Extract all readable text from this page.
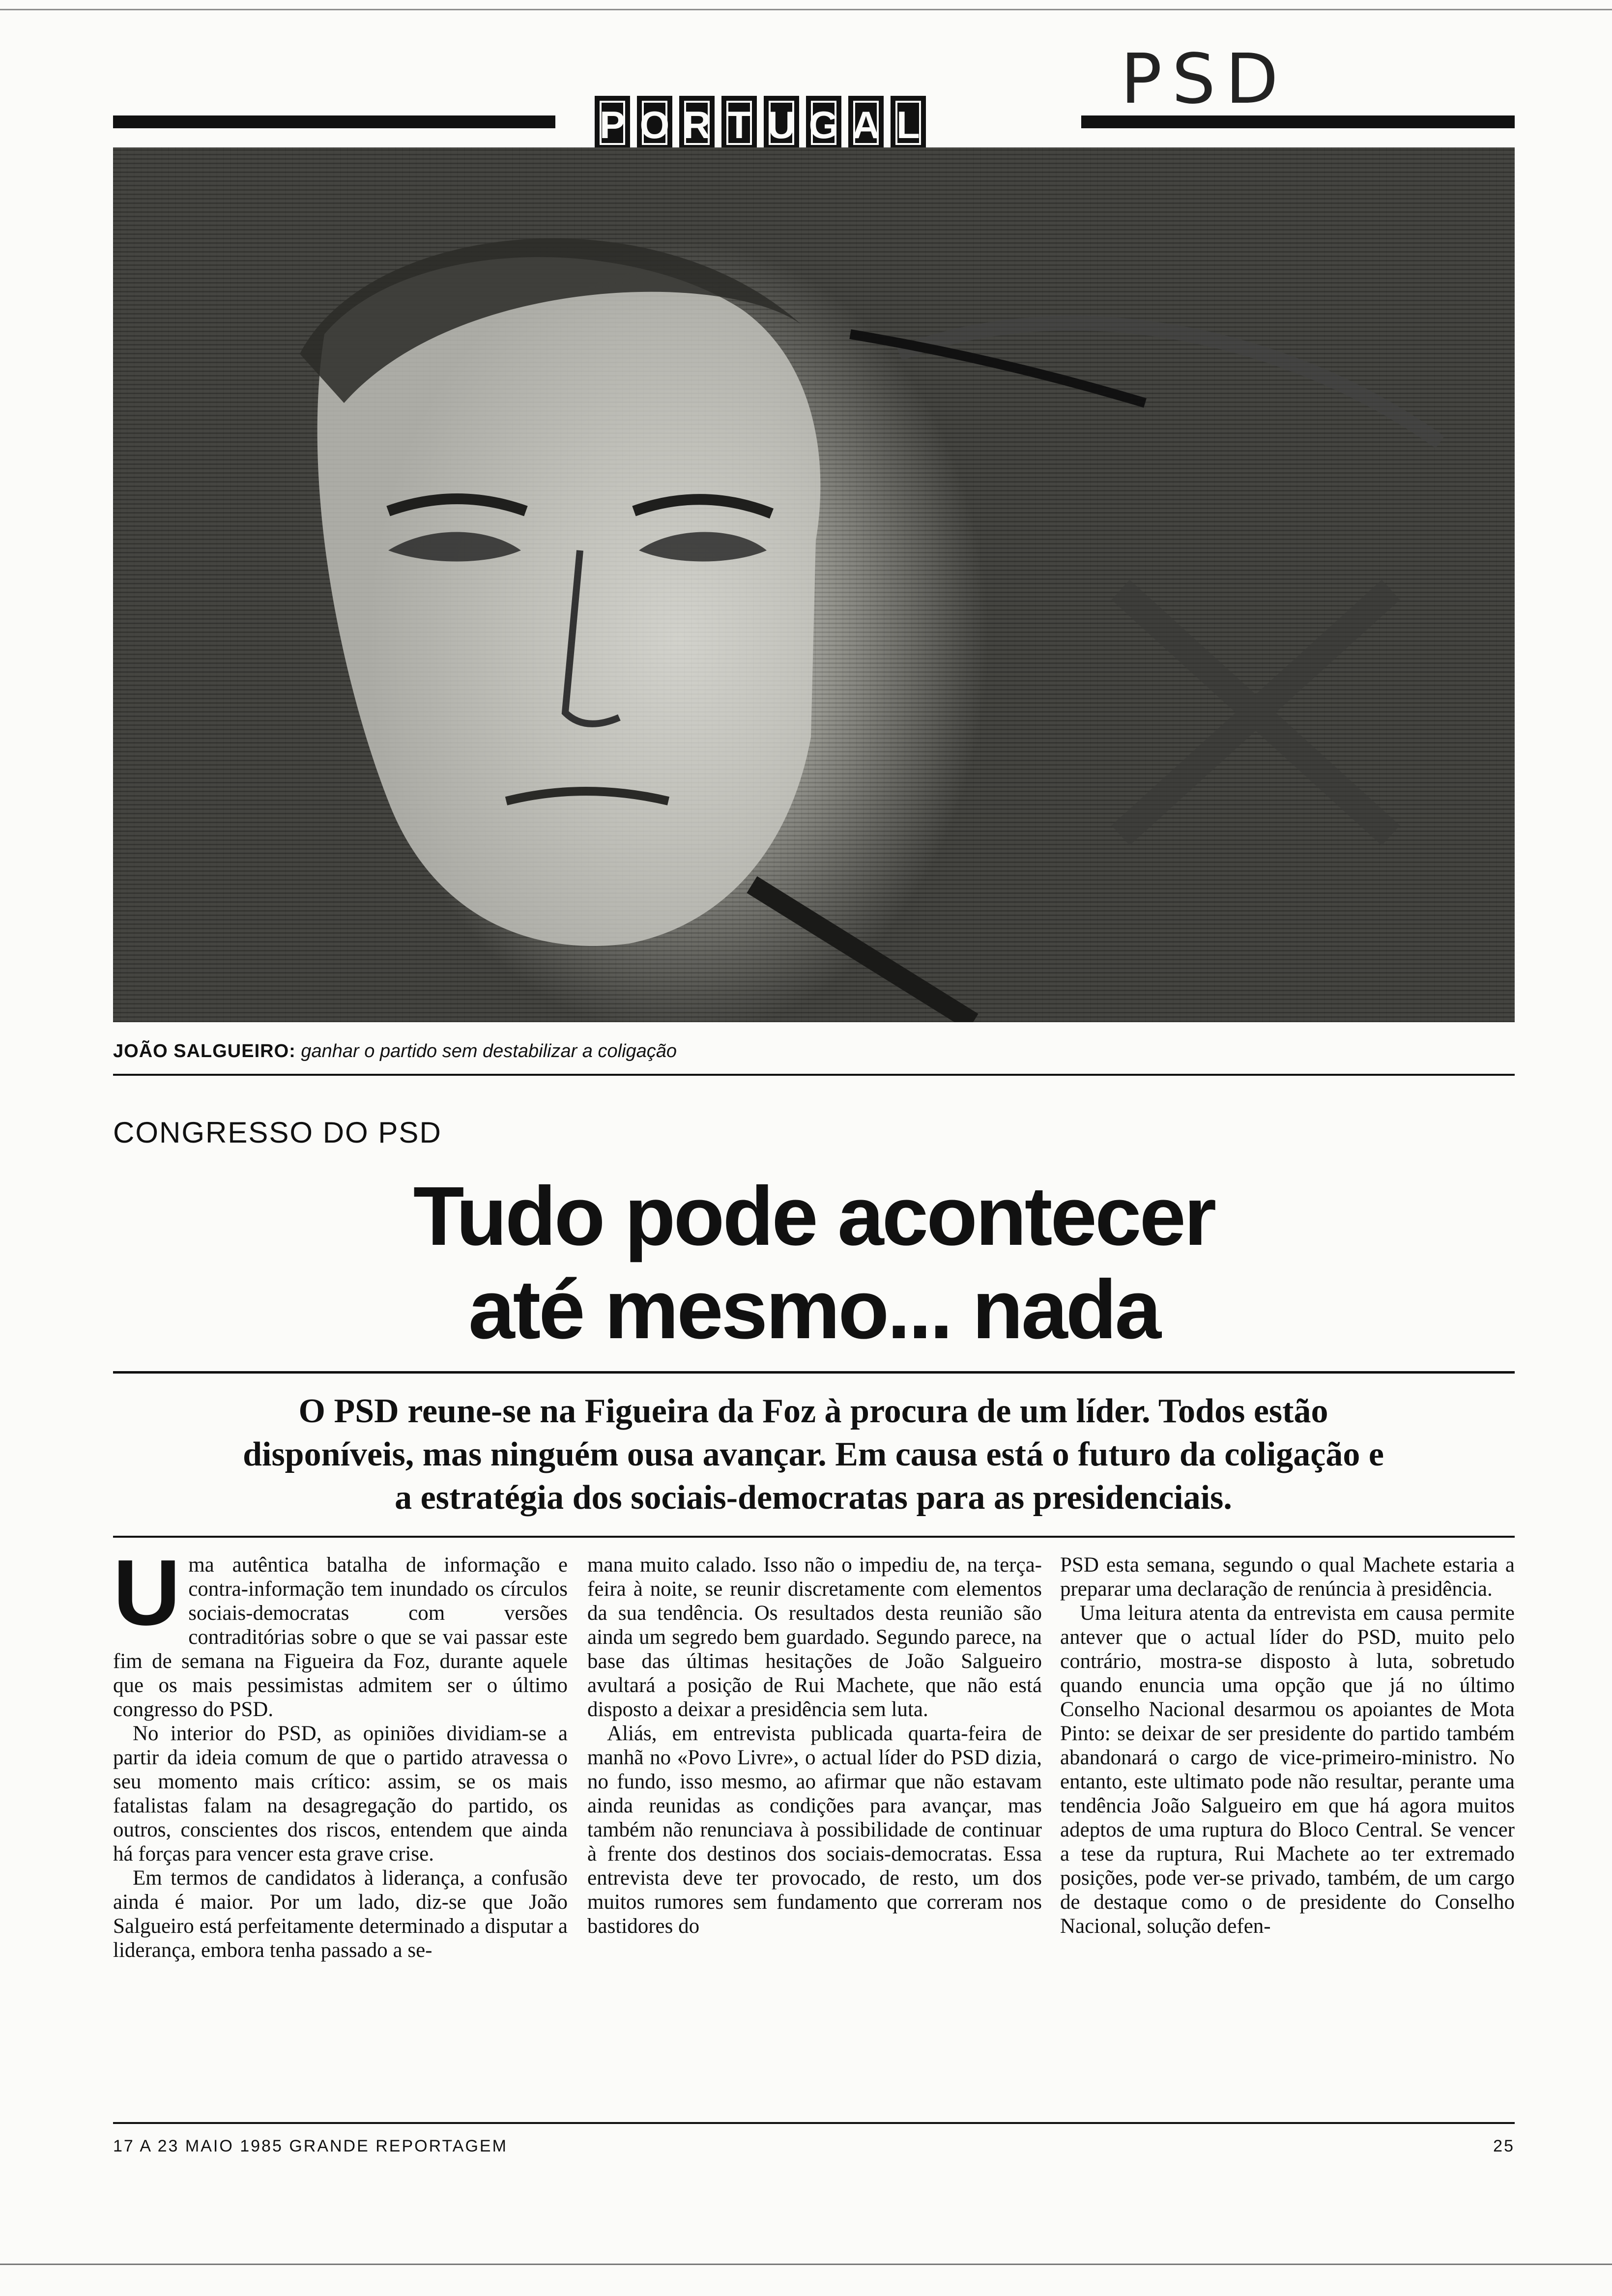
P O R T U G A L
PSD
JOÃO SALGUEIRO: ganhar o partido sem destabilizar a coligação
CONGRESSO DO PSD
Tudo pode acontecer
até mesmo... nada
O PSD reune-se na Figueira da Foz à procura de um líder. Todos estão
disponíveis, mas ninguém ousa avançar. Em causa está o futuro da coligação e
a estratégia dos sociais-democratas para as presidenciais.

Uma autêntica batalha de informação e contra-informação tem inundado os círculos sociais-democratas com versões contraditórias sobre o que se vai passar este fim de semana na Figueira da Foz, durante aquele que os mais pessimistas admitem ser o último congresso do PSD.

No interior do PSD, as opiniões dividiam-se a partir da ideia comum de que o partido atravessa o seu momento mais crítico: assim, se os mais fatalistas falam na desagregação do partido, os outros, conscientes dos riscos, entendem que ainda há forças para vencer esta grave crise.

Em termos de candidatos à liderança, a confusão ainda é maior. Por um lado, diz-se que João Salgueiro está perfeitamente determinado a disputar a liderança, embora tenha passado a se-

mana muito calado. Isso não o impediu de, na terça-feira à noite, se reunir discretamente com elementos da sua tendência. Os resultados desta reunião são ainda um segredo bem guardado. Segundo parece, na base das últimas hesitações de João Salgueiro avultará a posição de Rui Machete, que não está disposto a deixar a presidência sem luta.

Aliás, em entrevista publicada quarta-feira de manhã no «Povo Livre», o actual líder do PSD dizia, no fundo, isso mesmo, ao afirmar que não estavam ainda reunidas as condições para avançar, mas também não renunciava à possibilidade de continuar à frente dos destinos dos sociais-democratas. Essa entrevista deve ter provocado, de resto, um dos muitos rumores sem fundamento que correram nos bastidores do

PSD esta semana, segundo o qual Machete estaria a preparar uma declaração de renúncia à presidência.

Uma leitura atenta da entrevista em causa permite antever que o actual líder do PSD, muito pelo contrário, mostra-se disposto à luta, sobretudo quando enuncia uma opção que já no último Conselho Nacional desarmou os apoiantes de Mota Pinto: se deixar de ser presidente do partido também abandonará o cargo de vice-primeiro-ministro. No entanto, este ultimato pode não resultar, perante uma tendência João Salgueiro em que há agora muitos adeptos de uma ruptura do Bloco Central. Se vencer a tese da ruptura, Rui Machete ao ter extremado posições, pode ver-se privado, também, de um cargo de destaque como o de presidente do Conselho Nacional, solução defen-

17 A 23 MAIO 1985 GRANDE REPORTAGEM	25
